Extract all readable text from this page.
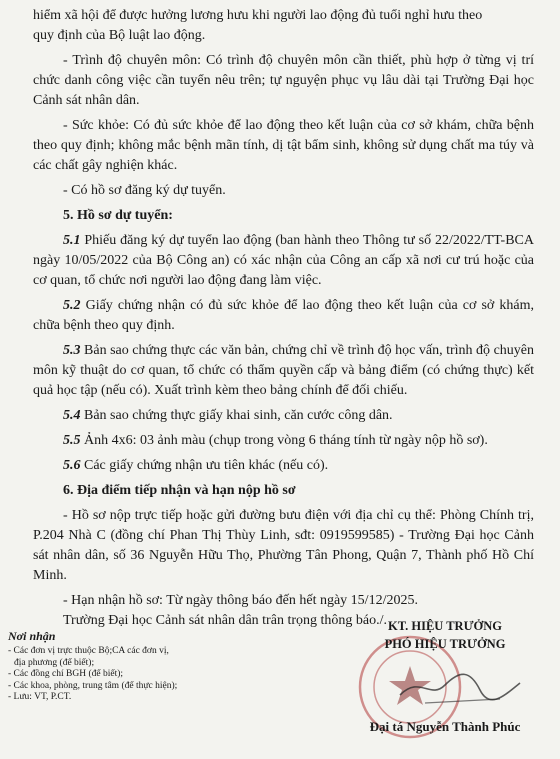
hiểm xã hội để được hưởng lương hưu khi người lao động đủ tuổi nghỉ hưu theo

quy định của Bộ luật lao động.

- Trình độ chuyên môn: Có trình độ chuyên môn cần thiết, phù hợp ở từng vị trí chức danh công việc cần tuyển nêu trên; tự nguyện phục vụ lâu dài tại Trường Đại học Cảnh sát nhân dân.

- Sức khỏe: Có đủ sức khỏe để lao động theo kết luận của cơ sở khám, chữa bệnh theo quy định; không mắc bệnh mãn tính, dị tật bẩm sinh, không sử dụng chất ma túy và các chất gây nghiện khác.

- Có hồ sơ đăng ký dự tuyển.

5. Hồ sơ dự tuyển:

5.1 Phiếu đăng ký dự tuyển lao động (ban hành theo Thông tư số 22/2022/TT-BCA ngày 10/05/2022 của Bộ Công an) có xác nhận của Công an cấp xã nơi cư trú hoặc của cơ quan, tổ chức nơi người lao động đang làm việc.

5.2 Giấy chứng nhận có đủ sức khỏe để lao động theo kết luận của cơ sở khám, chữa bệnh theo quy định.

5.3 Bản sao chứng thực các văn bản, chứng chỉ về trình độ học vấn, trình độ chuyên môn kỹ thuật do cơ quan, tổ chức có thẩm quyền cấp và bảng điểm (có chứng thực) kết quả học tập (nếu có). Xuất trình kèm theo bảng chính để đối chiếu.

5.4 Bản sao chứng thực giấy khai sinh, căn cước công dân.

5.5 Ảnh 4x6: 03 ảnh màu (chụp trong vòng 6 tháng tính từ ngày nộp hồ sơ).

5.6 Các giấy chứng nhận ưu tiên khác (nếu có).

6. Địa điểm tiếp nhận và hạn nộp hồ sơ

- Hồ sơ nộp trực tiếp hoặc gửi đường bưu điện với địa chỉ cụ thể: Phòng Chính trị, P.204 Nhà C (đồng chí Phan Thị Thùy Linh, sđt: 0919599585) - Trường Đại học Cảnh sát nhân dân, số 36 Nguyễn Hữu Thọ, Phường Tân Phong, Quận 7, Thành phố Hồ Chí Minh.

- Hạn nhận hồ sơ: Từ ngày thông báo đến hết ngày 15/12/2025.

Trường Đại học Cảnh sát nhân dân trân trọng thông báo./.

Nơi nhận
- Các đơn vị trực thuộc Bộ;CA các đơn vị,
địa phương (để biết);
- Các đồng chí BGH (để biết);
- Các khoa, phòng, trung tâm (để thực hiện);
- Lưu: VT, P.CT.
KT. HIỆU TRƯỞNG
PHÓ HIỆU TRƯỞNG
Đại tá Nguyễn Thành Phúc
